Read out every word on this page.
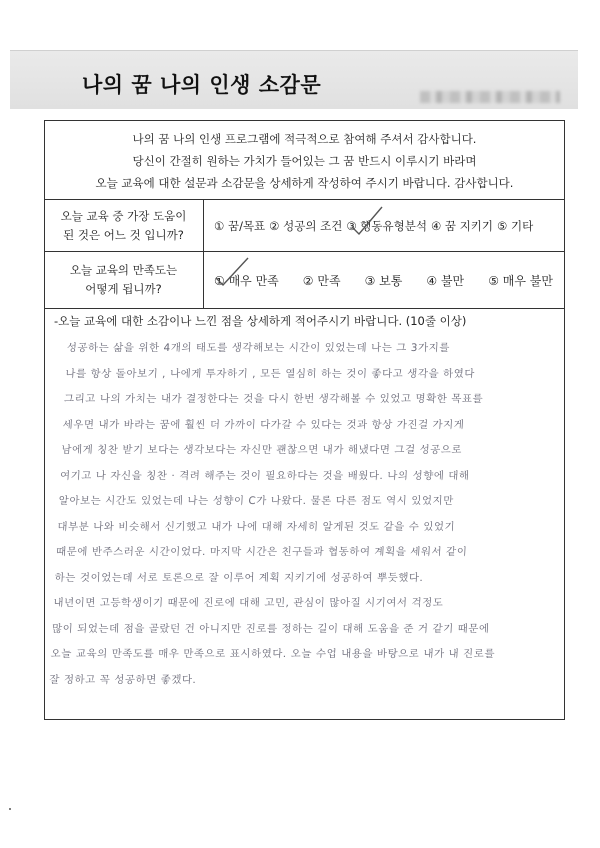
나의 꿈 나의 인생 소감문
나의 꿈 나의 인생 프로그램에 적극적으로 참여해 주셔서 감사합니다.
당신이 간절히 원하는 가치가 들어있는 그 꿈 반드시 이루시기 바라며
오늘 교육에 대한 설문과 소감문을 상세하게 작성하여 주시기 바랍니다. 감사합니다.
오늘 교육 중 가장 도움이
된 것은 어느 것 입니까?
① 꿈/목표 ② 성공의 조건 ③ 행동유형분석 ④ 꿈 지키기 ⑤ 기타
오늘 교육의 만족도는
어떻게 됩니까?
① 매우 만족 ② 만족 ③ 보통 ④ 불만 ⑤ 매우 불만
-오늘 교육에 대한 소감이나 느낀 점을 상세하게 적어주시기 바랍니다. (10줄 이상)
성공하는 삶을 위한 4개의 태도를 생각해보는 시간이 있었는데 나는 그 3가지를
나를 항상 돌아보기 , 나에게 투자하기 , 모든 열심히 하는 것이 좋다고 생각을 하였다
그리고 나의 가치는 내가 결정한다는 것을 다시 한번 생각해볼 수 있었고 명확한 목표를
세우면 내가 바라는 꿈에 훨씬 더 가까이 다가갈 수 있다는 것과 항상 가진걸 가지게
남에게 칭찬 받기 보다는 생각보다는 자신만 괜찮으면 내가 해냈다면 그걸 성공으로
여기고 나 자신을 칭찬 · 격려 해주는 것이 필요하다는 것을 배웠다. 나의 성향에 대해
알아보는 시간도 있었는데 나는 성향이 C가 나왔다. 물론 다른 점도 역시 있었지만
대부분 나와 비슷해서 신기했고 내가 나에 대해 자세히 알게된 것도 같을 수 있었기
때문에 반주스러운 시간이었다. 마지막 시간은 친구들과 협동하여 계획을 세워서 같이
하는 것이었는데 서로 토론으로 잘 이루어 계획 지키기에 성공하여 뿌듯했다.
내년이면 고등학생이기 때문에 진로에 대해 고민, 관심이 많아질 시기여서 걱정도
많이 되었는데 점을 골랐던 건 아니지만 진로를 정하는 길이 대해 도움을 준 거 같기 때문에
오늘 교육의 만족도를 매우 만족으로 표시하였다. 오늘 수업 내용을 바탕으로 내가 내 진로를
잘 정하고 꼭 성공하면 좋겠다.
